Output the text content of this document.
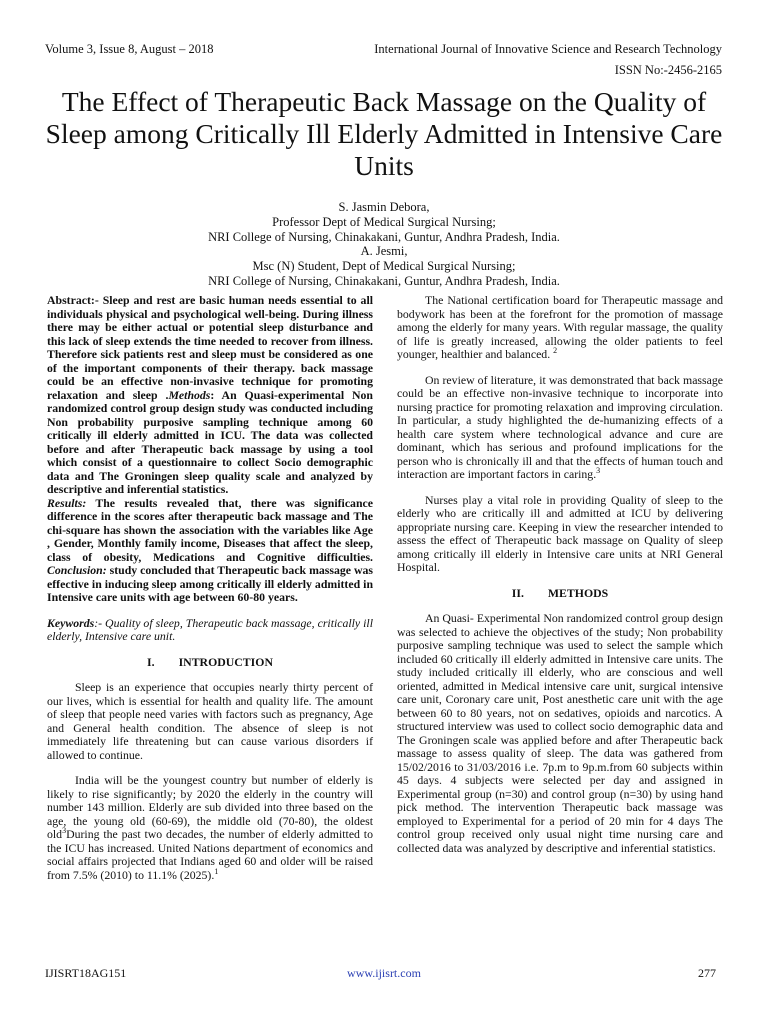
Volume 3, Issue 8, August – 2018	International Journal of Innovative Science and Research Technology
ISSN No:-2456-2165
The Effect of Therapeutic Back Massage on the Quality of Sleep among Critically Ill Elderly Admitted in Intensive Care Units
S. Jasmin Debora,
Professor Dept of Medical Surgical Nursing;
NRI College of Nursing, Chinakakani, Guntur, Andhra Pradesh, India.
A. Jesmi,
Msc (N) Student, Dept of Medical Surgical Nursing;
NRI College of Nursing, Chinakakani, Guntur, Andhra Pradesh, India.

Abstract:- Sleep and rest are basic human needs essential to all individuals physical and psychological well-being. During illness there may be either actual or potential sleep disturbance and this lack of sleep extends the time needed to recover from illness. Therefore sick patients rest and sleep must be considered as one of the important components of their therapy. back massage could be an effective non-invasive technique for promoting relaxation and sleep .Methods: An Quasi-experimental Non randomized control group design study was conducted including Non probability purposive sampling technique among 60 critically ill elderly admitted in ICU. The data was collected before and after Therapeutic back massage by using a tool which consist of a questionnaire to collect Socio demographic data and The Groningen sleep quality scale and analyzed by descriptive and inferential statistics.
Results: The results revealed that, there was significance difference in the scores after therapeutic back massage and The chi-square has shown the association with the variables like Age , Gender, Monthly family income, Diseases that affect the sleep, class of obesity, Medications and Cognitive difficulties. Conclusion: study concluded that Therapeutic back massage was effective in inducing sleep among critically ill elderly admitted in Intensive care units with age between 60-80 years.

Keywords:- Quality of sleep, Therapeutic back massage, critically ill elderly, Intensive care unit.

I. INTRODUCTION

Sleep is an experience that occupies nearly thirty percent of our lives, which is essential for health and quality life. The amount of sleep that people need varies with factors such as pregnancy, Age and General health condition. The absence of sleep is not immediately life threatening but can cause various disorders if allowed to continue.

India will be the youngest country but number of elderly is likely to rise significantly; by 2020 the elderly in the country will number 143 million. Elderly are sub divided into three based on the age, the young old (60-69), the middle old (70-80), the oldest old$^3$During the past two decades, the number of elderly admitted to the ICU has increased. United Nations department of economics and social affairs projected that Indians aged 60 and older will be raised from 7.5% (2010) to 11.1% (2025).$^1$

The National certification board for Therapeutic massage and bodywork has been at the forefront for the promotion of massage among the elderly for many years. With regular massage, the quality of life is greatly increased, allowing the older patients to feel younger, healthier and balanced. $^2$

On review of literature, it was demonstrated that back massage could be an effective non-invasive technique to incorporate into nursing practice for promoting relaxation and improving circulation. In particular, a study highlighted the de-humanizing effects of a health care system where technological advance and cure are dominant, which has serious and profound implications for the person who is chronically ill and that the effects of human touch and interaction are important factors in caring.$^3$

Nurses play a vital role in providing Quality of sleep to the elderly who are critically ill and admitted at ICU by delivering appropriate nursing care. Keeping in view the researcher intended to assess the effect of Therapeutic back massage on Quality of sleep among critically ill elderly in Intensive care units at NRI General Hospital.

II. METHODS

An Quasi- Experimental Non randomized control group design was selected to achieve the objectives of the study; Non probability purposive sampling technique was used to select the sample which included 60 critically ill elderly admitted in Intensive care units. The study included critically ill elderly, who are conscious and well oriented, admitted in Medical intensive care unit, surgical intensive care unit, Coronary care unit, Post anesthetic care unit with the age between 60 to 80 years, not on sedatives, opioids and narcotics. A structured interview was used to collect socio demographic data and The Groningen scale was applied before and after Therapeutic back massage to assess quality of sleep. The data was gathered from 15/02/2016 to 31/03/2016 i.e. 7p.m to 9p.m.from 60 subjects within 45 days. 4 subjects were selected per day and assigned in Experimental group (n=30) and control group (n=30) by using hand pick method. The intervention Therapeutic back massage was employed to Experimental for a period of 20 min for 4 days The control group received only usual night time nursing care and collected data was analyzed by descriptive and inferential statistics.

IJISRT18AG151	www.ijisrt.com	277
